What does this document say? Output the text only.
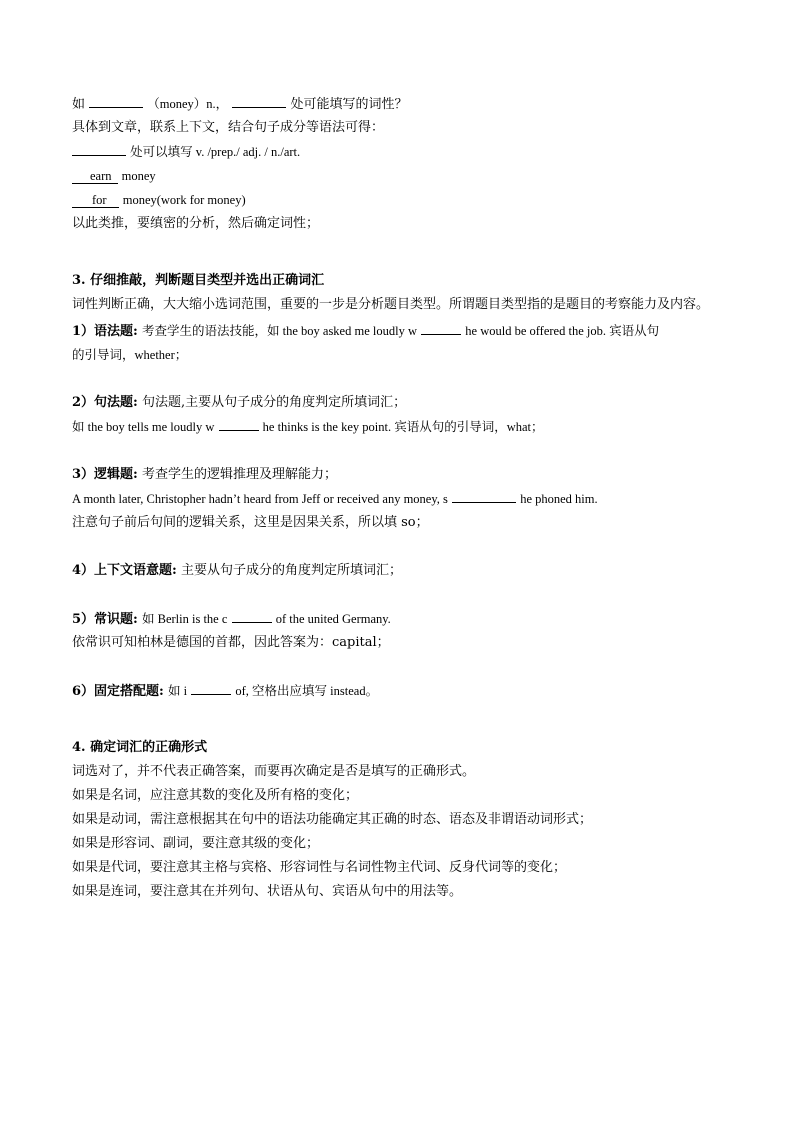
如	（money）n.，	处可能填写的词性？
具体到文章，联系上下文，结合句子成分等语法可得：
处可以填写 v. /prep./ adj. / n./art.
earn money
for money(work for money)
以此类推，要缜密的分析，然后确定词性；
3. 仔细推敲，判断题目类型并选出正确词汇
词性判断正确，大大缩小选词范围，重要的一步是分析题目类型。所谓题目类型指的是题目的考察能力及内容。
1）语法题: 考查学生的语法技能，如 the boy asked me loudly w	he would be offered the job. 宾语从句
的引导词，whether；
2）句法题: 句法题,主要从句子成分的角度判定所填词汇；
如 the boy tells me loudly w	he thinks is the key point. 宾语从句的引导词，what；
3）逻辑题: 考查学生的逻辑推理及理解能力；
A month later, Christopher hadn’t heard from Jeff or received any money, s	he phoned him.
注意句子前后句间的逻辑关系，这里是因果关系，所以填 so；
4）上下文语意题: 主要从句子成分的角度判定所填词汇；
5）常识题: 如 Berlin is the c	of the united Germany.
依常识可知柏林是德国的首都，因此答案为：capital；
6）固定搭配题: 如 i	of, 空格出应填写 instead。
4. 确定词汇的正确形式
词选对了，并不代表正确答案，而要再次确定是否是填写的正确形式。
如果是名词，应注意其数的变化及所有格的变化；
如果是动词，需注意根据其在句中的语法功能确定其正确的时态、语态及非谓语动词形式；
如果是形容词、副词，要注意其级的变化；
如果是代词，要注意其主格与宾格、形容词性与名词性物主代词、反身代词等的变化；
如果是连词，要注意其在并列句、状语从句、宾语从句中的用法等。
